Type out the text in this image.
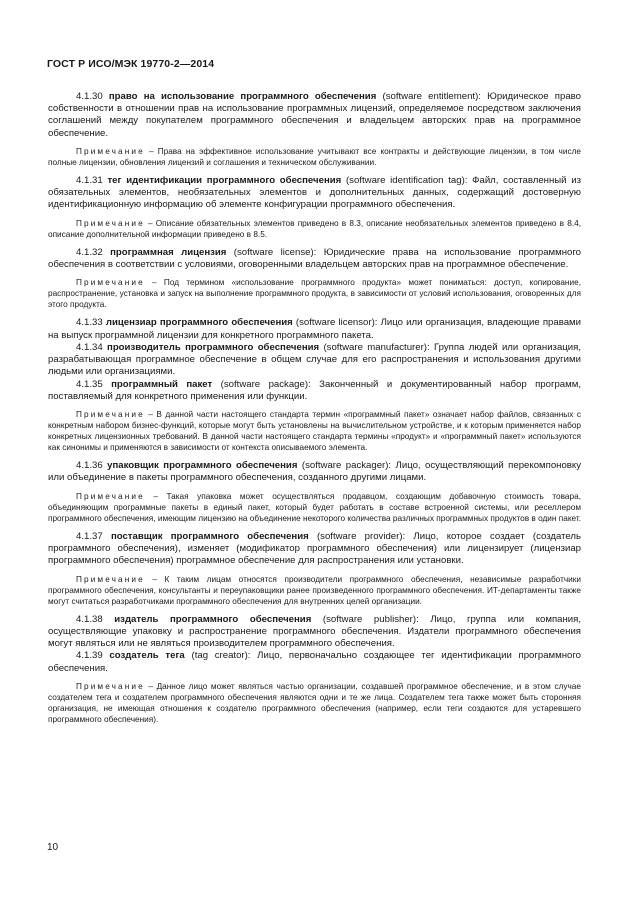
ГОСТ Р ИСО/МЭК 19770-2—2014

4.1.30 право на использование программного обеспечения (software entitlement): Юридическое право собственности в отношении прав на использование программных лицензий, определяемое посредством заключения соглашений между покупателем программного обеспечения и владельцем авторских прав на программное обеспечение.

Примечание – Права на эффективное использование учитывают все контракты и действующие лицензии, в том числе полные лицензии, обновления лицензий и соглашения и техническом обслуживании.

4.1.31 тег идентификации программного обеспечения (software identification tag): Файл, составленный из обязательных элементов, необязательных элементов и дополнительных данных, содержащий достоверную идентификационную информацию об элементе конфигурации программного обеспечения.

Примечание – Описание обязательных элементов приведено в 8.3, описание необязательных элементов приведено в 8.4, описание дополнительной информации приведено в 8.5.

4.1.32 программная лицензия (software license): Юридические права на использование программного обеспечения в соответствии с условиями, оговоренными владельцем авторских прав на программное обеспечение.

Примечание – Под термином «использование программного продукта» может пониматься: доступ, копирование, распространение, установка и запуск на выполнение программного продукта, в зависимости от условий использования, оговоренных для этого продукта.

4.1.33 лицензиар программного обеспечения (software licensor): Лицо или организация, владеющие правами на выпуск программной лицензии для конкретного программного пакета.

4.1.34 производитель программного обеспечения (software manufacturer): Группа людей или организация, разрабатывающая программное обеспечение в общем случае для его распространения и использования другими людьми или организациями.

4.1.35 программный пакет (software package): Законченный и документированный набор программ, поставляемый для конкретного применения или функции.

Примечание – В данной части настоящего стандарта термин «программный пакет» означает набор файлов, связанных с конкретным набором бизнес-функций, которые могут быть установлены на вычислительном устройстве, и к которым применяется набор конкретных лицензионных требований. В данной части настоящего стандарта термины «продукт» и «программный пакет» используются как синонимы и применяются в зависимости от контекста описываемого элемента.

4.1.36 упаковщик программного обеспечения (software packager): Лицо, осуществляющий перекомпоновку или объединение в пакеты программного обеспечения, созданного другими лицами.

Примечание – Такая упаковка может осуществляться продавцом, создающим добавочную стоимость товара, объединяющим программные пакеты в единый пакет, который будет работать в составе встроенной системы, или реселлером программного обеспечения, имеющим лицензию на объединение некоторого количества различных программных продуктов в один пакет.

4.1.37 поставщик программного обеспечения (software provider): Лицо, которое создает (создатель программного обеспечения), изменяет (модификатор программного обеспечения) или лицензирует (лицензиар программного обеспечения) программное обеспечение для распространения или установки.

Примечание – К таким лицам относятся производители программного обеспечения, независимые разработчики программного обеспечения, консультанты и переупаковщики ранее произведенного программного обеспечения. ИТ-департаменты также могут считаться разработчиками программного обеспечения для внутренних целей организации.

4.1.38 издатель программного обеспечения (software publisher): Лицо, группа или компания, осуществляющие упаковку и распространение программного обеспечения. Издатели программного обеспечения могут являться или не являться производителем программного обеспечения.

4.1.39 создатель тега (tag creator): Лицо, первоначально создающее тег идентификации программного обеспечения.

Примечание – Данное лицо может являться частью организации, создавшей программное обеспечение, и в этом случае создателем тега и создателем программного обеспечения являются одни и те же лица. Создателем тега также может быть сторонняя организация, не имеющая отношения к создателю программного обеспечения (например, если теги создаются для устаревшего программного обеспечения).

10
